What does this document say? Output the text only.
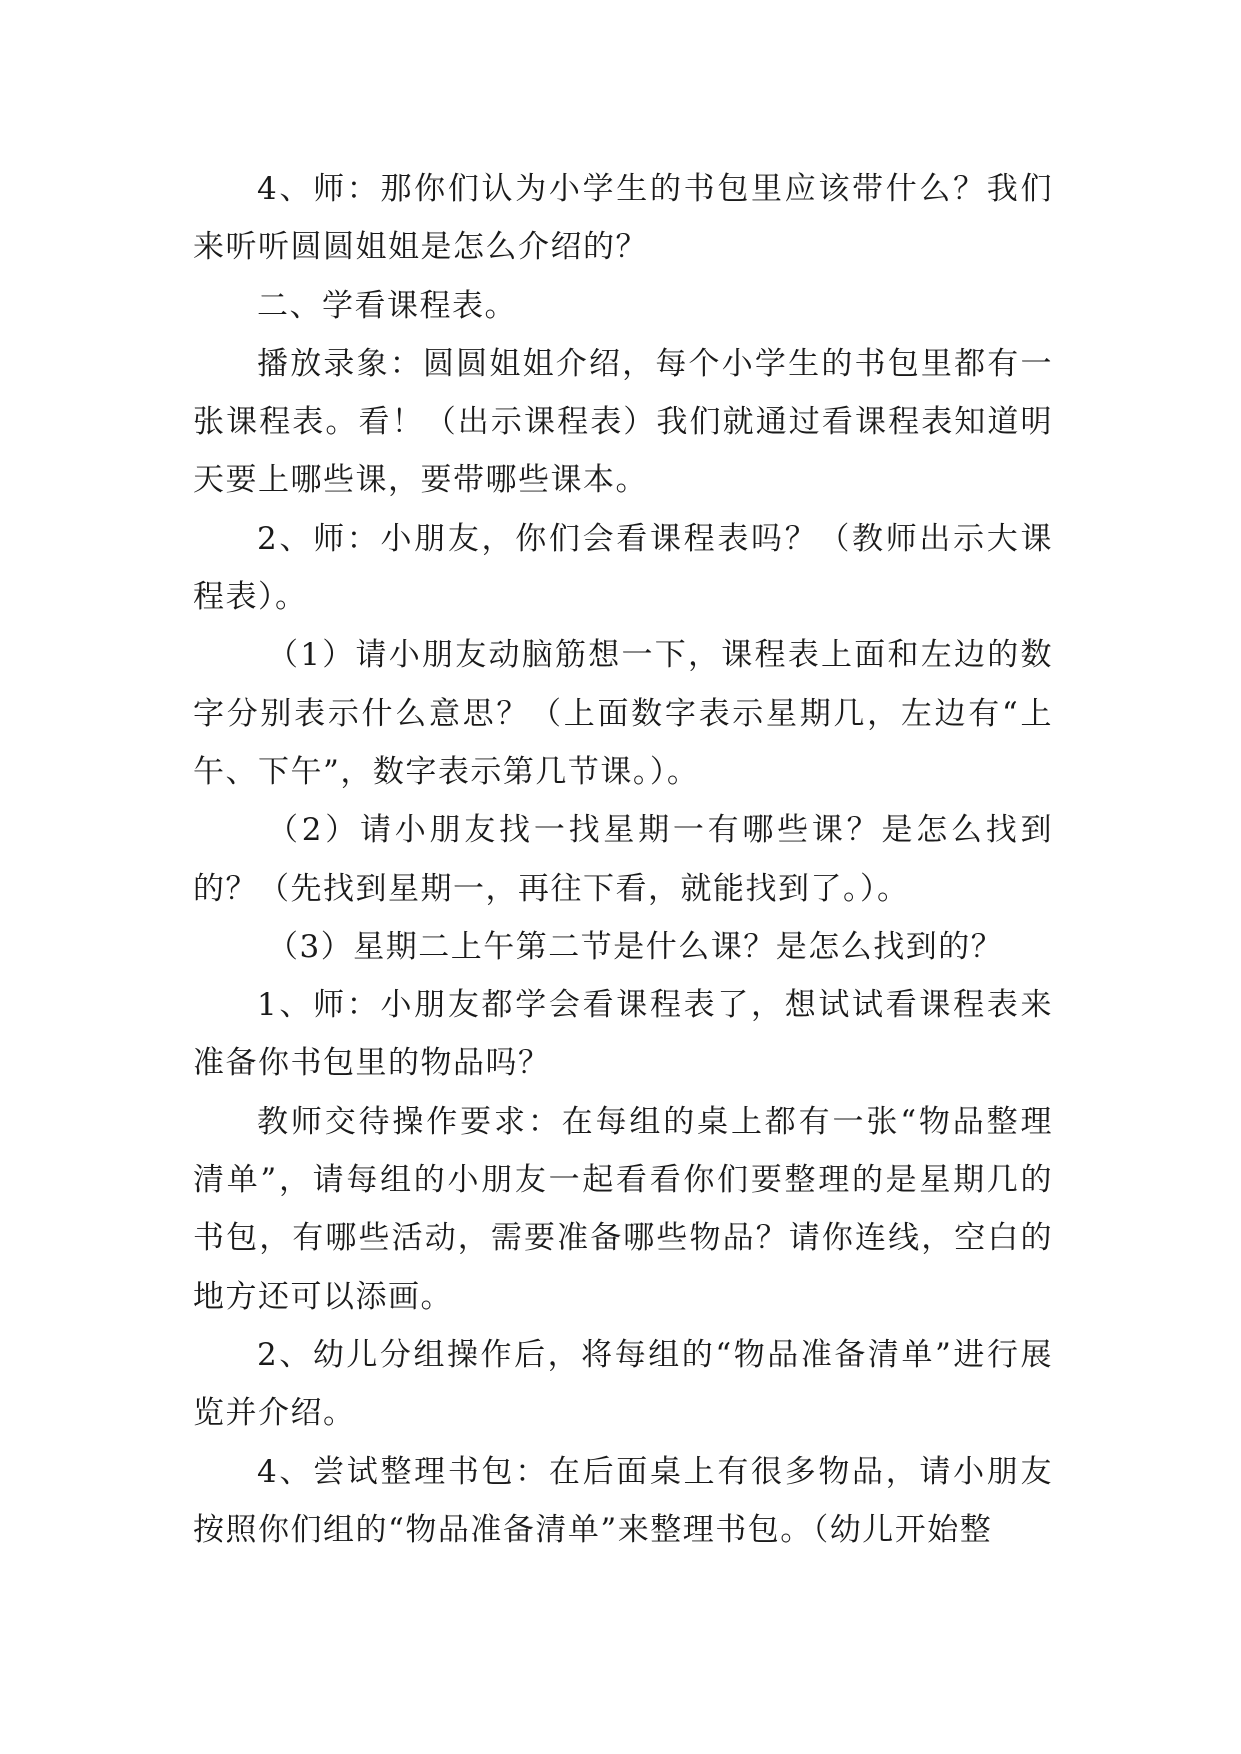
4、师：那你们认为小学生的书包里应该带什么？我们来听听圆圆姐姐是怎么介绍的？

二、学看课程表。

播放录象：圆圆姐姐介绍，每个小学生的书包里都有一张课程表。看！（出示课程表）我们就通过看课程表知道明天要上哪些课，要带哪些课本。

2、师：小朋友，你们会看课程表吗？（教师出示大课程表）。

（1）请小朋友动脑筋想一下，课程表上面和左边的数字分别表示什么意思？（上面数字表示星期几，左边有“上午、下午”，数字表示第几节课。）。

（2）请小朋友找一找星期一有哪些课？是怎么找到的？（先找到星期一，再往下看，就能找到了。）。

（3）星期二上午第二节是什么课？是怎么找到的？

1、师：小朋友都学会看课程表了，想试试看课程表来准备你书包里的物品吗？

教师交待操作要求：在每组的桌上都有一张“物品整理清单”，请每组的小朋友一起看看你们要整理的是星期几的书包，有哪些活动，需要准备哪些物品？请你连线，空白的地方还可以添画。

2、幼儿分组操作后，将每组的“物品准备清单”进行展览并介绍。

4、尝试整理书包：在后面桌上有很多物品，请小朋友按照你们组的“物品准备清单”来整理书包。（幼儿开始整
